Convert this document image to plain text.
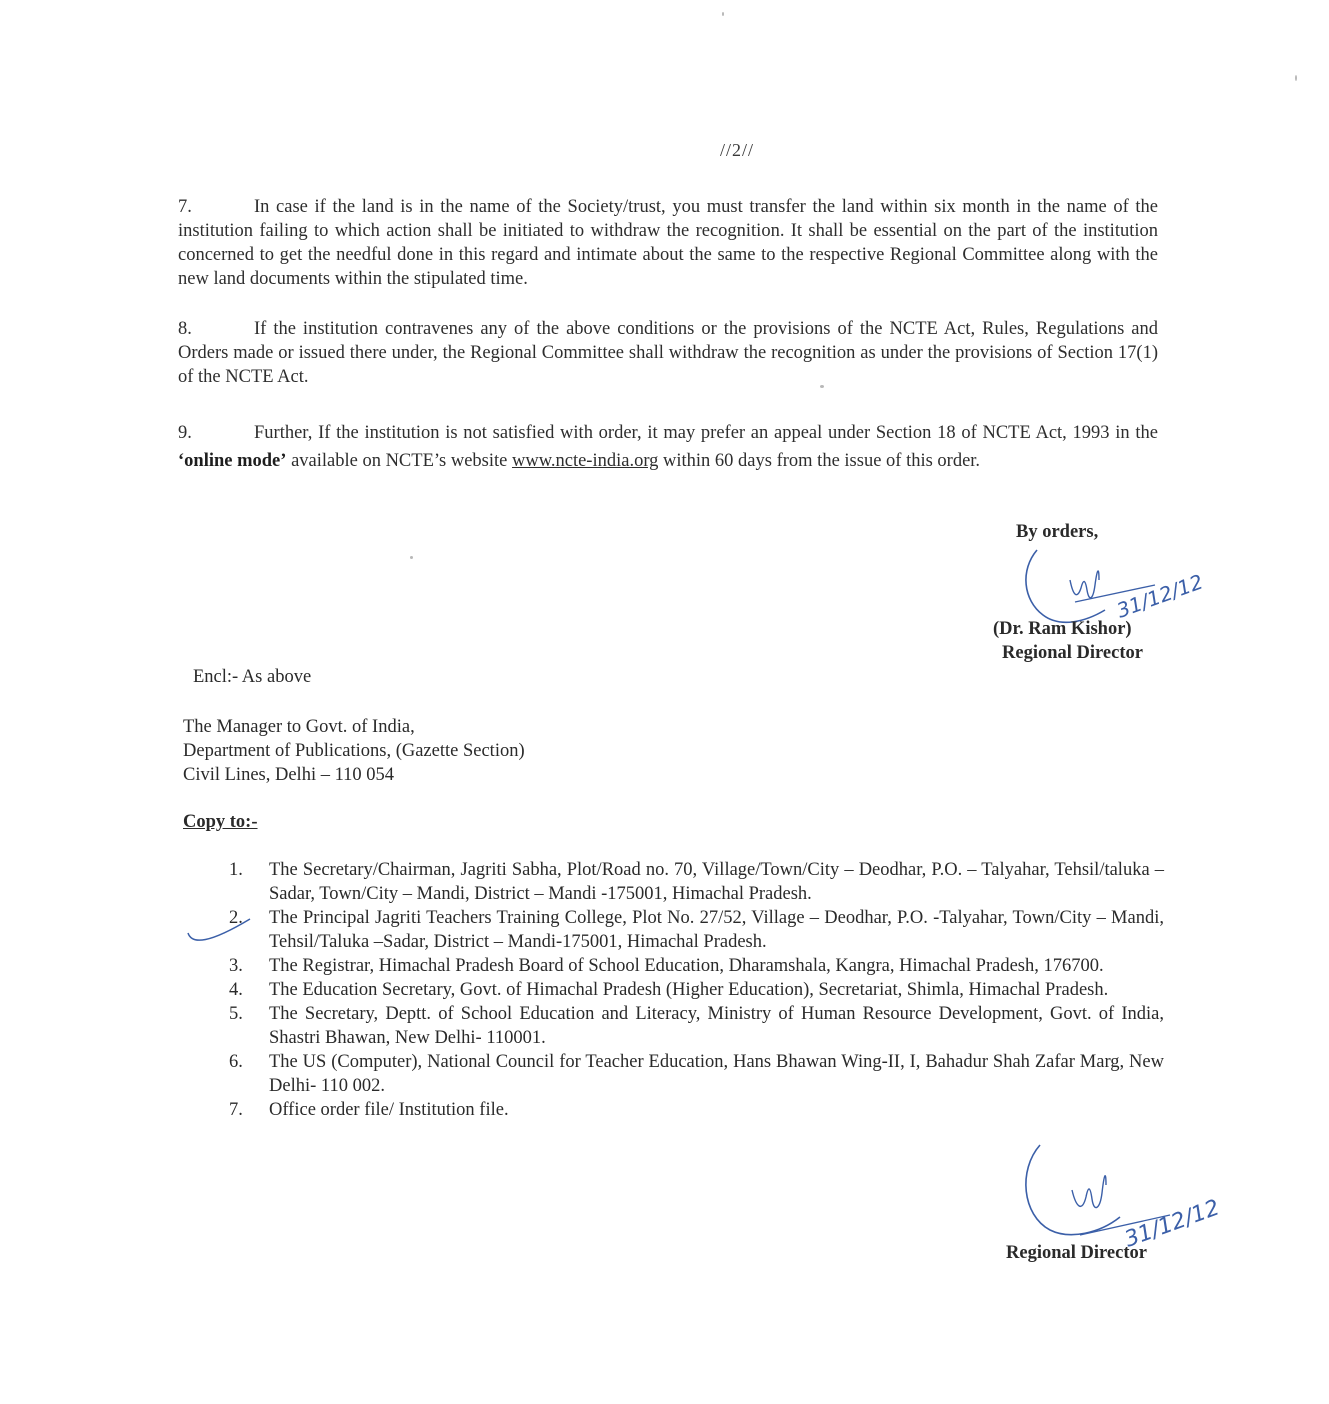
//2//
7.	In case if the land is in the name of the Society/trust, you must transfer the land within six month in the name of the institution failing to which action shall be initiated to withdraw the recognition. It shall be essential on the part of the institution concerned to get the needful done in this regard and intimate about the same to the respective Regional Committee along with the new land documents within the stipulated time.
8.	If the institution contravenes any of the above conditions or the provisions of the NCTE Act, Rules, Regulations and Orders made or issued there under, the Regional Committee shall withdraw the recognition as under the provisions of Section 17(1) of the NCTE Act.
9.	Further, If the institution is not satisfied with order, it may prefer an appeal under Section 18 of NCTE Act, 1993 in the ‘online mode’ available on NCTE’s website www.ncte-india.org within 60 days from the issue of this order.
By orders,
31/12/12
(Dr. Ram Kishor)
Regional Director
Encl:- As above
The Manager to Govt. of India,
Department of Publications, (Gazette Section)
Civil Lines, Delhi – 110 054
Copy to:-
1.	The Secretary/Chairman, Jagriti Sabha, Plot/Road no. 70, Village/Town/City – Deodhar, P.O. – Talyahar, Tehsil/taluka – Sadar, Town/City – Mandi, District – Mandi -175001, Himachal Pradesh.
2.	The Principal Jagriti Teachers Training College, Plot No. 27/52, Village – Deodhar, P.O. -Talyahar, Town/City – Mandi, Tehsil/Taluka –Sadar, District – Mandi-175001, Himachal Pradesh.
3.	The Registrar, Himachal Pradesh Board of School Education, Dharamshala, Kangra, Himachal Pradesh, 176700.
4.	The Education Secretary, Govt. of Himachal Pradesh (Higher Education), Secretariat, Shimla, Himachal Pradesh.
5.	The Secretary, Deptt. of School Education and Literacy, Ministry of Human Resource Development, Govt. of India, Shastri Bhawan, New Delhi- 110001.
6.	The US (Computer), National Council for Teacher Education, Hans Bhawan Wing-II, I, Bahadur Shah Zafar Marg, New Delhi- 110 002.
7.	Office order file/ Institution file.
31/12/12
Regional Director
